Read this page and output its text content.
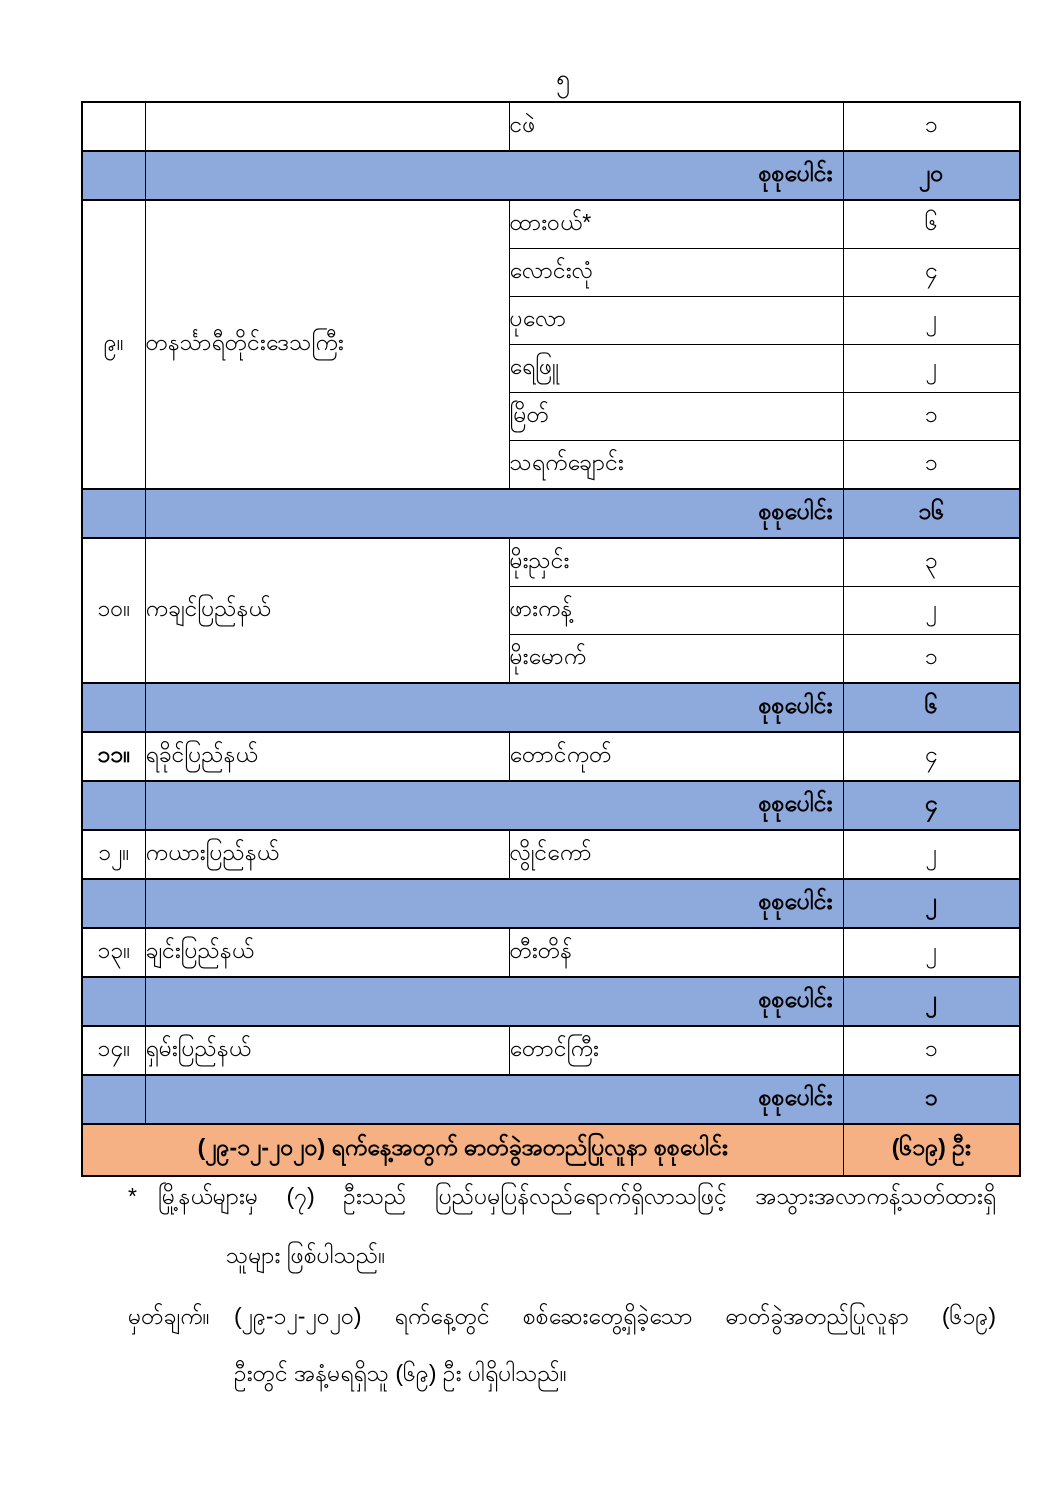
၅
		ငဖဲ	၁
	စုစုပေါင်း		၂၀
၉။	တနင်္သာရီတိုင်းဒေသကြီး	ထားဝယ်*	၆
		လောင်းလုံ	၄
		ပုလော	၂
		ရေဖြူ	၂
		မြိတ်	၁
		သရက်ချောင်း	၁
	စုစုပေါင်း		၁၆
၁၀။	ကချင်ပြည်နယ်	မိုးညှင်း	၃
		ဖားကန့်	၂
		မိုးမောက်	၁
	စုစုပေါင်း		၆
၁၁။	ရခိုင်ပြည်နယ်	တောင်ကုတ်	၄
	စုစုပေါင်း		၄
၁၂။	ကယားပြည်နယ်	လွိုင်ကော်	၂
	စုစုပေါင်း		၂
၁၃။	ချင်းပြည်နယ်	တီးတိန်	၂
	စုစုပေါင်း		၂
၁၄။	ရှမ်းပြည်နယ်	တောင်ကြီး	၁
	စုစုပေါင်း		၁
(၂၉-၁၂-၂၀၂၀) ရက်နေ့အတွက် ဓာတ်ခွဲအတည်ပြုလူနာ စုစုပေါင်း			(၆၁၉) ဦး
* မြို့နယ်များမှ (၇) ဦးသည် ပြည်ပမှပြန်လည်ရောက်ရှိလာသဖြင့် အသွားအလာကန့်သတ်ထားရှိ
သူများ ဖြစ်ပါသည်။
မှတ်ချက်။	(၂၉-၁၂-၂၀၂၀) ရက်နေ့တွင် စစ်ဆေးတွေ့ရှိခဲ့သော ဓာတ်ခွဲအတည်ပြုလူနာ (၆၁၉)
ဦးတွင် အနံ့မရရှိသူ (၆၉) ဦး ပါရှိပါသည်။
